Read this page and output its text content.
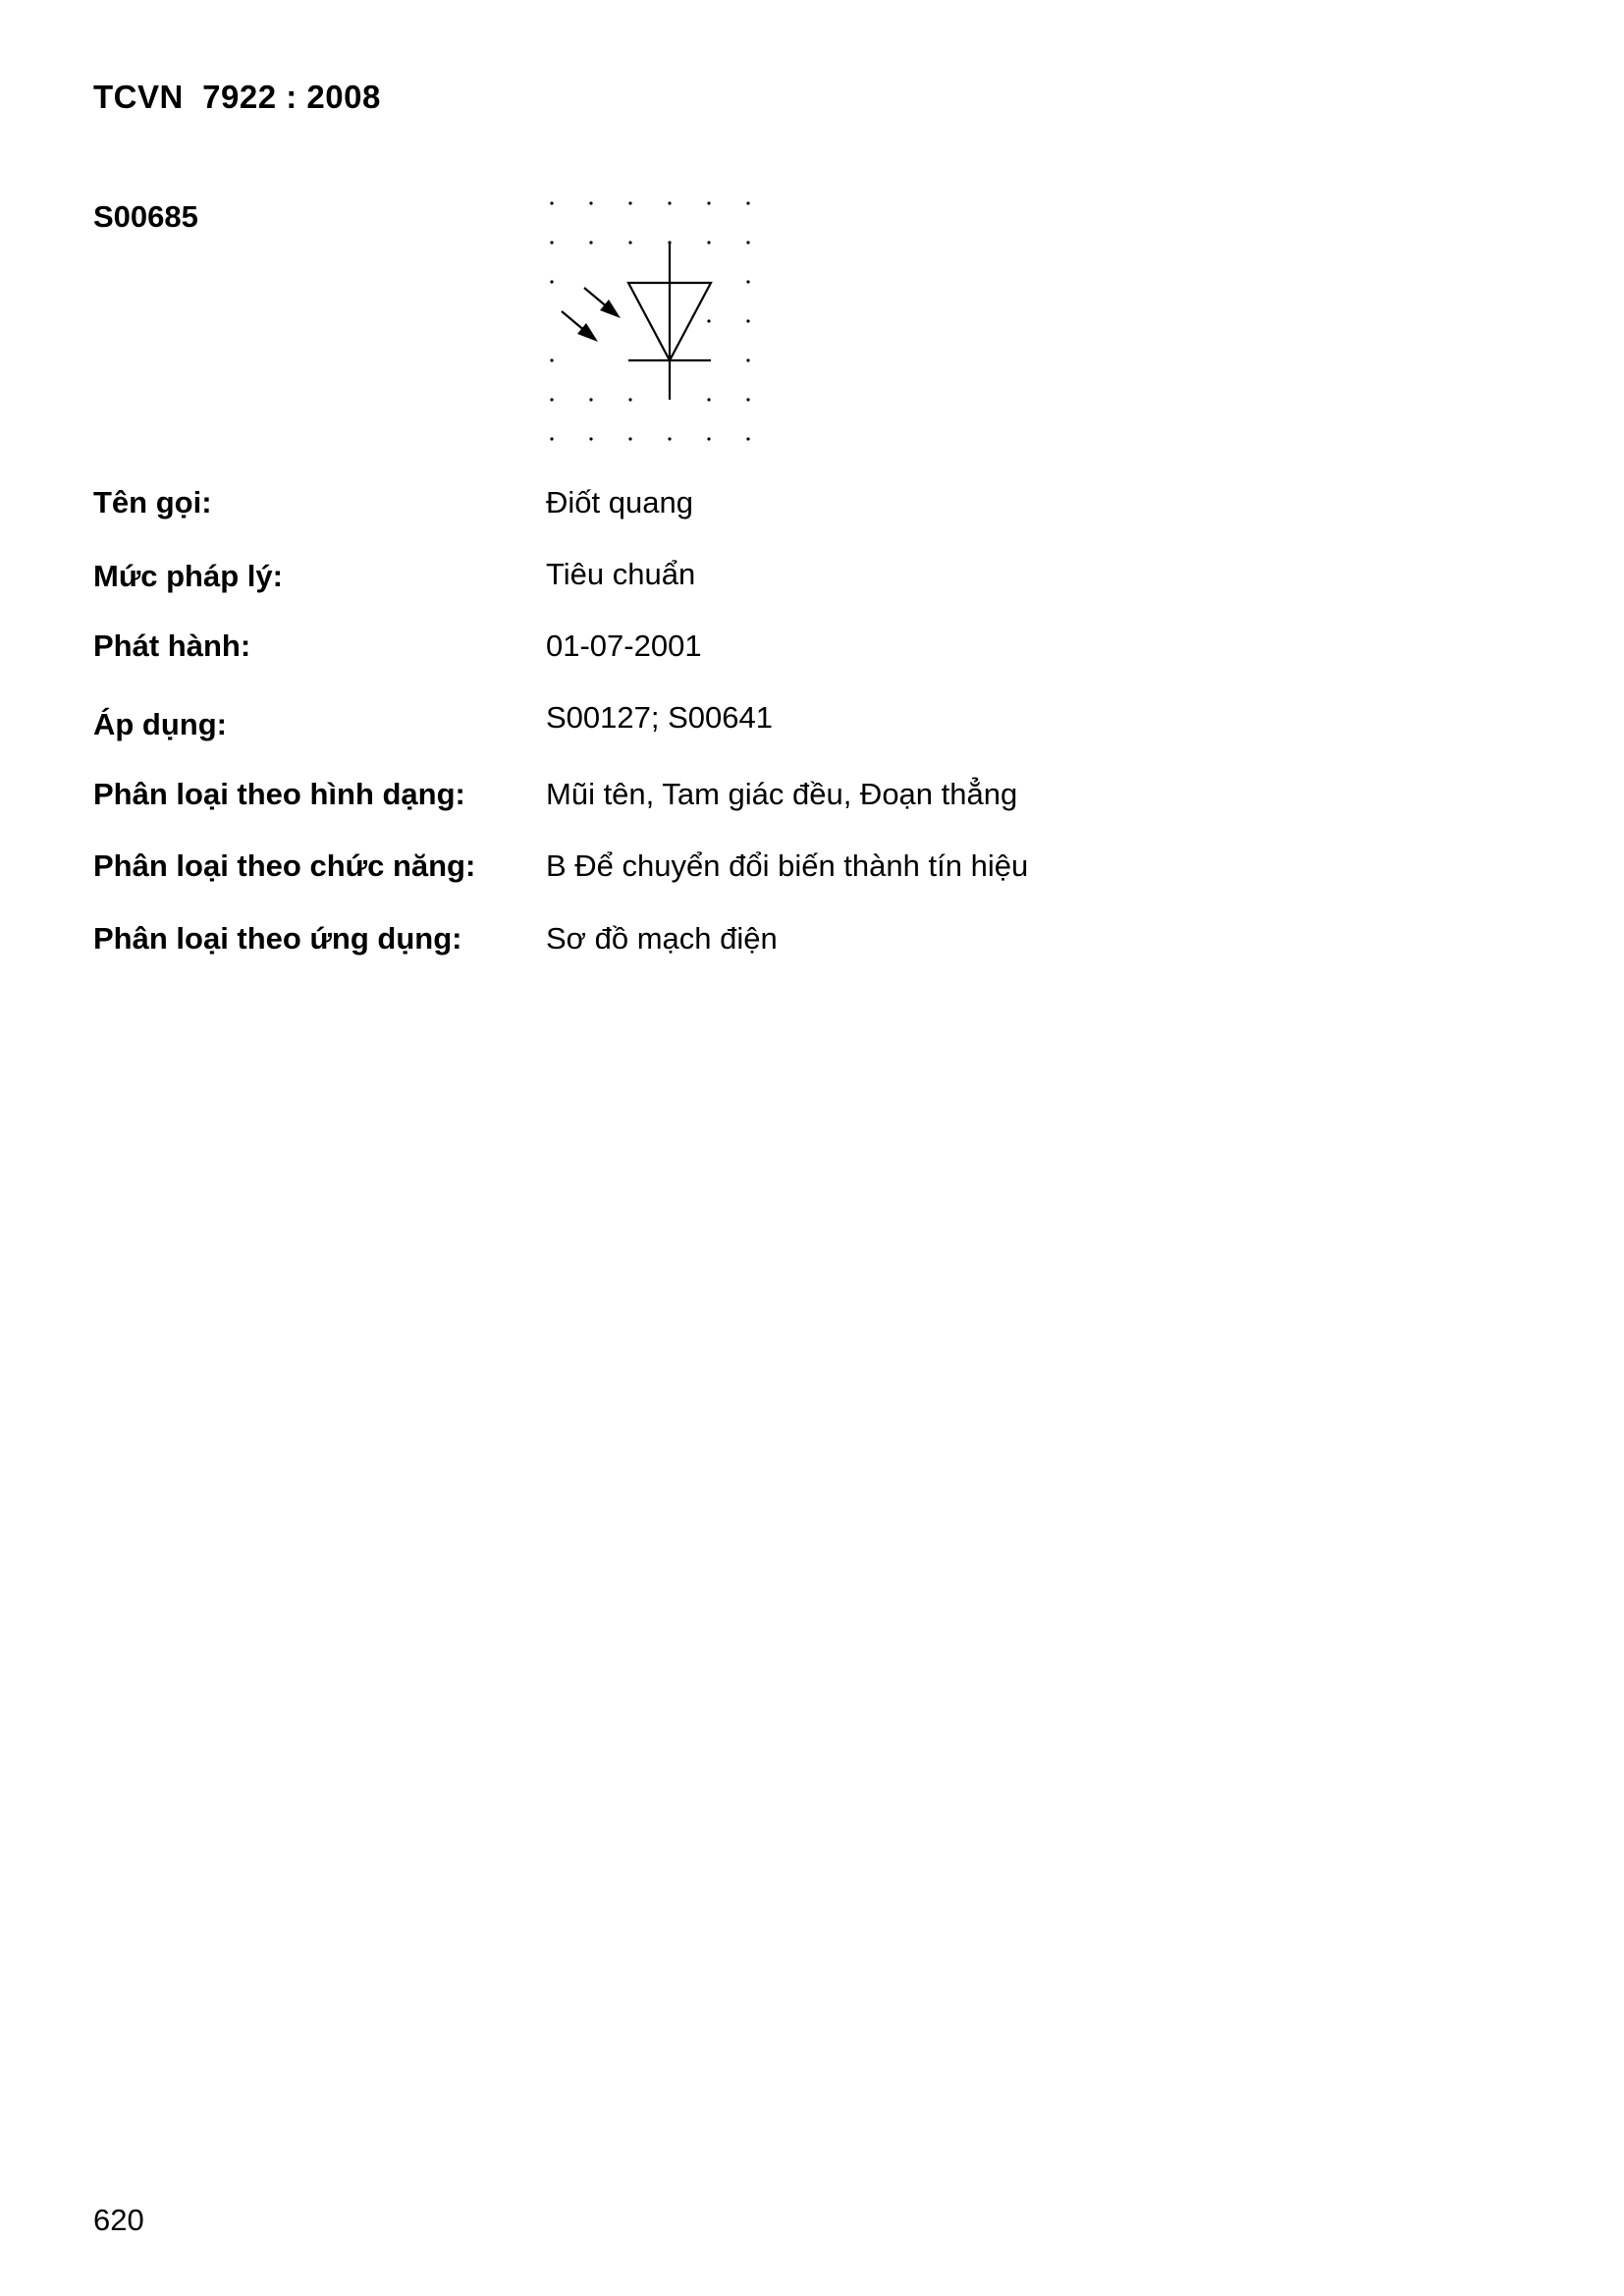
TCVN  7922 : 2008
S00685
Tên gọi:	Điốt quang
Mức pháp lý:	Tiêu chuẩn
Phát hành:	01-07-2001
Áp dụng:	S00127; S00641
Phân loại theo hình dạng:	Mũi tên, Tam giác đều, Đoạn thẳng
Phân loại theo chức năng: B Để chuyển đổi biến thành tín hiệu
Phân loại theo ứng dụng:	Sơ đồ mạch điện
620
